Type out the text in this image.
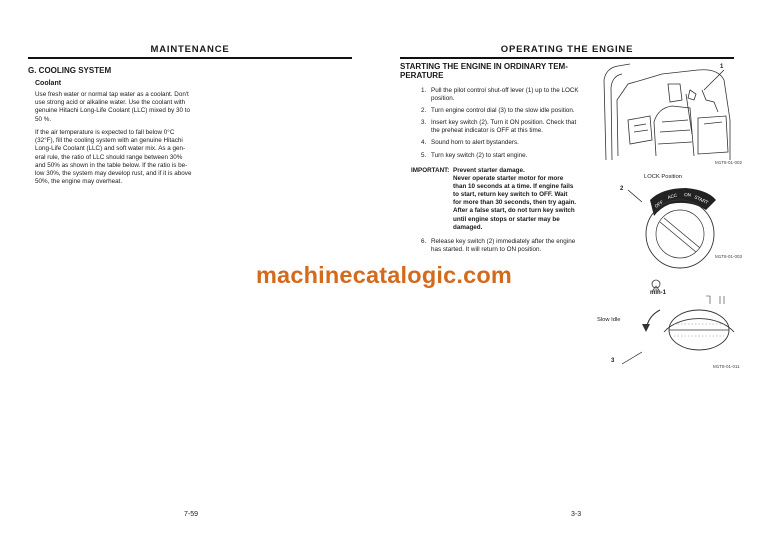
MAINTENANCE
G. COOLING SYSTEM
Coolant
Use fresh water or normal tap water as a coolant. Don't
use strong acid or alkaline water. Use the coolant with
genuine Hitachi Long-Life Coolant (LLC) mixed by 30 to
50 %.
If the air temperature is expected to fall below 0°C
(32°F), fill the cooling system with an genuine Hitachi
Long-Life Coolant (LLC) and soft water mix. As a gen-
eral rule, the ratio of LLC should range between 30%
and 50% as shown in the table below. If the ratio is be-
low 30%, the system may develop rust, and if it is above
50%, the engine may overheat.
7-59
OPERATING THE ENGINE
STARTING THE ENGINE IN ORDINARY TEM-
PERATURE
1. Pull the pilot control shut-off lever (1) up to the LOCK
position.
2. Turn engine control dial (3) to the slow idle position.
3. Insert key switch (2). Turn it ON position. Check that
the preheat indicator is OFF at this time.
4. Sound horn to alert bystanders.
5. Turn key switch (2) to start engine.
IMPORTANT: Prevent starter damage.
Never operate starter motor for more
than 10 seconds at a time. If engine fails
to start, return key switch to OFF. Wait
for more than 30 seconds, then try again.
After a false start, do not turn key switch
until engine stops or starter may be
damaged.
6. Release key switch (2) immediately after the engine
has started. It will return to ON position.
1
M1T8-01-002
LOCK Position
2
OFF
ACC ON START
M1T8-01-003
min-1
Slow Idle
3
M1T8-01-011
3-3
machinecatalogic.com
